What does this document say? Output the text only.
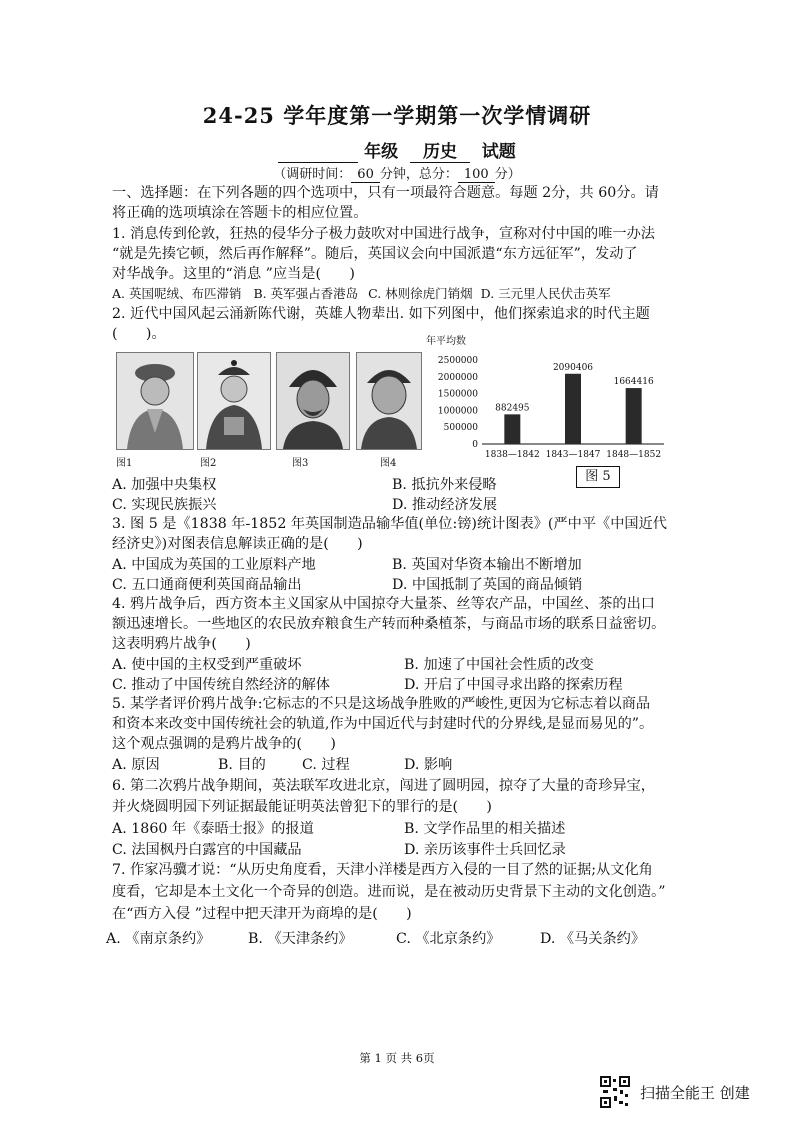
24-25 学年度第一学期第一次学情调研
年级 历史 试题
（调研时间： 60 分钟，总分： 100 分）
一、选择题：在下列各题的四个选项中，只有一项最符合题意。每题 2分，共 60分。请
将正确的选项填涂在答题卡的相应位置。
1. 消息传到伦敦，狂热的侵华分子极力鼓吹对中国进行战争，宣称对付中国的唯一办法
“就是先揍它顿，然后再作解释”。随后，英国议会向中国派遣“东方远征军”，发动了
对华战争。这里的“消息 ”应当是(　　)
A. 英国呢绒、布匹滞销 B. 英军强占香港岛 C. 林则徐虎门销烟 D. 三元里人民伏击英军
2. 近代中国风起云涌新陈代谢，英雄人物辈出. 如下列图中，他们探索追求的时代主题
(　　)。
图1	图2	图3	图4
年平均数
2500000
2000000
1500000
1000000
500000
0
882495
1838—1842
2090406
1843—1847
1664416
1848—1852
图 5
A. 加强中央集权	B. 抵抗外来侵略
C. 实现民族振兴	D. 推动经济发展
3. 图 5 是《1838 年-1852 年英国制造品输华值(单位:镑)统计图表》(严中平《中国近代
经济史》)对图表信息解读正确的是(　　)
A. 中国成为英国的工业原料产地	B. 英国对华资本输出不断增加
C. 五口通商便利英国商品输出	D. 中国抵制了英国的商品倾销
4. 鸦片战争后，西方资本主义国家从中国掠夺大量茶、丝等农产品，中国丝、茶的出口
额迅速增长。一些地区的农民放弃粮食生产转而种桑植茶，与商品市场的联系日益密切。
这表明鸦片战争(　　)
A. 使中国的主权受到严重破坏	B. 加速了中国社会性质的改变
C. 推动了中国传统自然经济的解体	D. 开启了中国寻求出路的探索历程
5. 某学者评价鸦片战争:它标志的不只是这场战争胜败的严峻性,更因为它标志着以商品
和资本来改变中国传统社会的轨道,作为中国近代与封建时代的分界线,是显而易见的”。
这个观点强调的是鸦片战争的(　　)
A. 原因	B. 目的	C. 过程	D. 影响
6. 第二次鸦片战争期间，英法联军攻进北京，闯进了圆明园，掠夺了大量的奇珍异宝，
并火烧圆明园下列证据最能证明英法曾犯下的罪行的是(　　)
A. 1860 年《泰晤士报》的报道	B. 文学作品里的相关描述
C. 法国枫丹白露宫的中国藏品	D. 亲历该事件士兵回忆录
7. 作家冯骥才说：“从历史角度看，天津小洋楼是西方入侵的一目了然的证据;从文化角
度看，它却是本土文化一个奇异的创造。进而说，是在被动历史背景下主动的文化创造。”
在“西方入侵 ”过程中把天津开为商埠的是(　　)
A. 《南京条约》	B. 《天津条约》	C. 《北京条约》	D. 《马关条约》
第 1 页 共 6页
扫描全能王 创建
